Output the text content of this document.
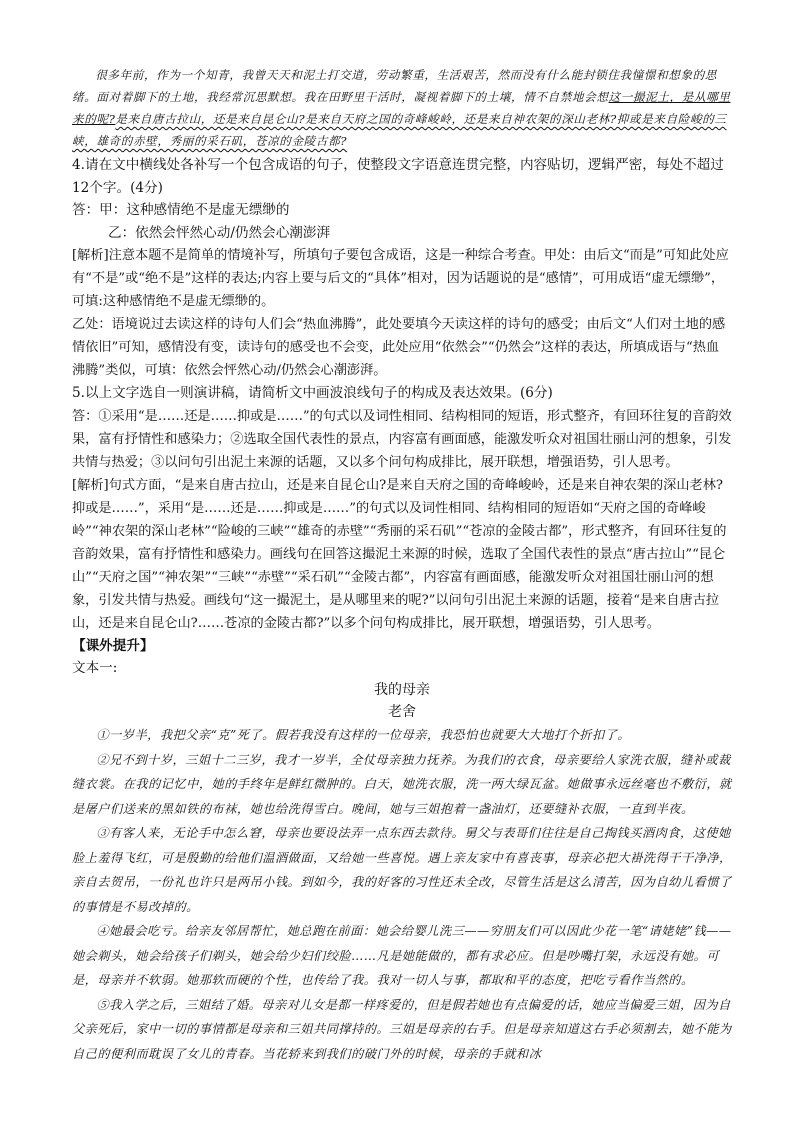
很多年前，作为一个知青，我曾天天和泥土打交道，劳动繁重，生活艰苦，然而没有什么能封锁住我憧憬和想象的思绪。面对着脚下的土地，我经常沉思默想。我在田野里干活时，凝视着脚下的土壤，情不自禁地会想这一撮泥土，是从哪里来的呢?是来自唐古拉山，还是来自昆仑山?是来自天府之国的奇峰峻岭，还是来自神农架的深山老林?抑或是来自险峻的三峡，雄奇的赤壁，秀丽的采石矶，苍凉的金陵古都?

4.请在文中横线处各补写一个包含成语的句子，使整段文字语意连贯完整，内容贴切，逻辑严密，每处不超过12个字。(4分)

答：甲：这种感情绝不是虚无缥缈的

乙：依然会怦然心动/仍然会心潮澎湃

[解析]注意本题不是简单的情境补写，所填句子要包含成语，这是一种综合考查。甲处：由后文“而是”可知此处应有“不是”或“绝不是”这样的表达;内容上要与后文的“具体”相对，因为话题说的是“感情”，可用成语“虚无缥缈”，可填:这种感情绝不是虚无缥缈的。

乙处：语境说过去读这样的诗句人们会“热血沸腾”，此处要填今天读这样的诗句的感受；由后文“人们对土地的感情依旧”可知，感情没有变，读诗句的感受也不会变，此处应用“依然会”“仍然会”这样的表达，所填成语与“热血沸腾”类似，可填：依然会怦然心动/仍然会心潮澎湃。

5.以上文字选自一则演讲稿，请简析文中画波浪线句子的构成及表达效果。(6分)

答：①采用“是……还是……抑或是……”的句式以及词性相同、结构相同的短语，形式整齐，有回环往复的音韵效果，富有抒情性和感染力；②选取全国代表性的景点，内容富有画面感，能激发听众对祖国壮丽山河的想象，引发共情与热爱；③以问句引出泥土来源的话题，又以多个问句构成排比，展开联想，增强语势，引人思考。

[解析]句式方面，“是来自唐古拉山，还是来自昆仑山?是来自天府之国的奇峰峻岭，还是来自神农架的深山老林?抑或是……”，采用“是……还是……抑或是……”的句式以及词性相同、结构相同的短语如“天府之国的奇峰峻岭”“神农架的深山老林”“险峻的三峡”“雄奇的赤壁”“秀丽的采石矶”“苍凉的金陵古都”，形式整齐，有回环往复的音韵效果，富有抒情性和感染力。画线句在回答这撮泥土来源的时候，选取了全国代表性的景点“唐古拉山”“昆仑山”“天府之国”“神农架”“三峡”“赤壁”“采石矶”“金陵古都”，内容富有画面感，能激发听众对祖国壮丽山河的想象，引发共情与热爱。画线句“这一撮泥土，是从哪里来的呢?”以问句引出泥土来源的话题，接着“是来自唐古拉山，还是来自昆仑山?……苍凉的金陵古都?”以多个问句构成排比，展开联想，增强语势，引人思考。

【课外提升】

文本一:

我的母亲

老舍

①一岁半，我把父亲“克”死了。假若我没有这样的一位母亲，我恐怕也就要大大地打个折扣了。

②兄不到十岁，三姐十二三岁，我才一岁半，全仗母亲独力抚养。为我们的衣食，母亲要给人家洗衣服，缝补或裁缝衣裳。在我的记忆中，她的手终年是鲜红微肿的。白天，她洗衣服，洗一两大绿瓦盆。她做事永远丝毫也不敷衍，就是屠户们送来的黑如铁的布袜，她也给洗得雪白。晚间，她与三姐抱着一盏油灯，还要缝补衣服，一直到半夜。

③有客人来，无论手中怎么窘，母亲也要设法弄一点东西去款待。舅父与表哥们往往是自己掏钱买酒肉食，这使她脸上羞得飞红，可是殷勤的给他们温酒做面，又给她一些喜悦。遇上亲友家中有喜丧事，母亲必把大褂洗得干干净净，亲自去贺吊，一份礼也许只是两吊小钱。到如今，我的好客的习性还未全改，尽管生活是这么清苦，因为自幼儿看惯了的事情是不易改掉的。

④她最会吃亏。给亲友邻居帮忙，她总跑在前面：她会给婴儿洗三——穷朋友们可以因此少花一笔“请姥姥”钱——她会剃头，她会给孩子们剃头，她会给少妇们绞脸……凡是她能做的，都有求必应。但是吵嘴打架，永远没有她。可是，母亲并不软弱。她那软而硬的个性，也传给了我。我对一切人与事，都取和平的态度，把吃亏看作当然的。

⑤我入学之后，三姐结了婚。母亲对儿女是都一样疼爱的，但是假若她也有点偏爱的话，她应当偏爱三姐，因为自父亲死后，家中一切的事情都是母亲和三姐共同撑持的。三姐是母亲的右手。但是母亲知道这右手必须割去，她不能为自己的便利而耽误了女儿的青春。当花轿来到我们的破门外的时候，母亲的手就和冰
